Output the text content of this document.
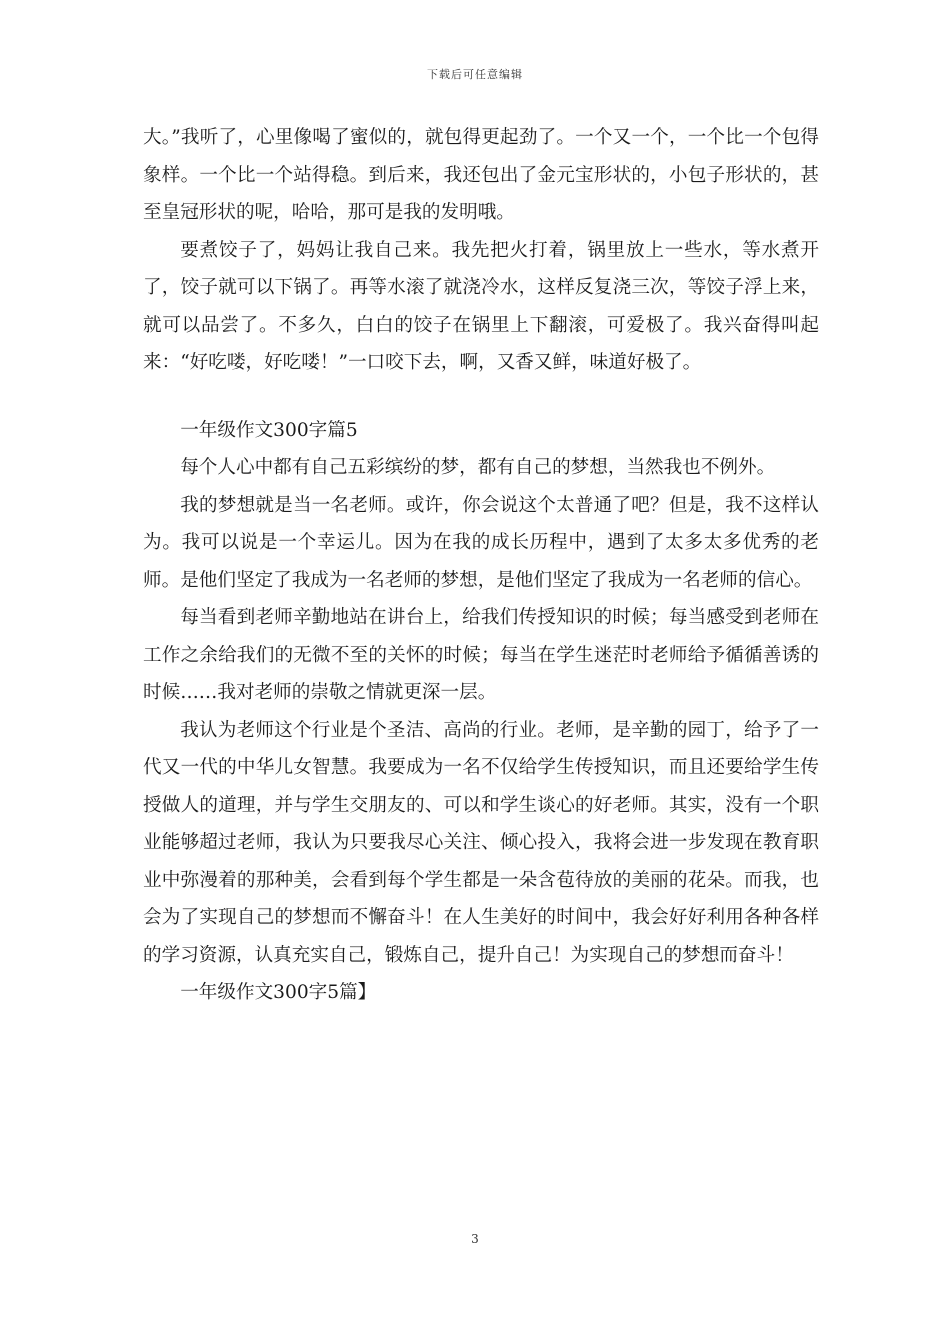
下载后可任意编辑

大。”我听了，心里像喝了蜜似的，就包得更起劲了。一个又一个，一个比一个包得象样。一个比一个站得稳。到后来，我还包出了金元宝形状的，小包子形状的，甚至皇冠形状的呢，哈哈，那可是我的发明哦。

要煮饺子了，妈妈让我自己来。我先把火打着，锅里放上一些水，等水煮开了，饺子就可以下锅了。再等水滚了就浇冷水，这样反复浇三次，等饺子浮上来，就可以品尝了。不多久，白白的饺子在锅里上下翻滚，可爱极了。我兴奋得叫起来：“好吃喽，好吃喽！”一口咬下去，啊，又香又鲜，味道好极了。

一年级作文300字篇5

每个人心中都有自己五彩缤纷的梦，都有自己的梦想，当然我也不例外。

我的梦想就是当一名老师。或许，你会说这个太普通了吧？但是，我不这样认为。我可以说是一个幸运儿。因为在我的成长历程中，遇到了太多太多优秀的老师。是他们坚定了我成为一名老师的梦想，是他们坚定了我成为一名老师的信心。

每当看到老师辛勤地站在讲台上，给我们传授知识的时候；每当感受到老师在工作之余给我们的无微不至的关怀的时候；每当在学生迷茫时老师给予循循善诱的时候……我对老师的崇敬之情就更深一层。

我认为老师这个行业是个圣洁、高尚的行业。老师，是辛勤的园丁，给予了一代又一代的中华儿女智慧。我要成为一名不仅给学生传授知识，而且还要给学生传授做人的道理，并与学生交朋友的、可以和学生谈心的好老师。其实，没有一个职业能够超过老师，我认为只要我尽心关注、倾心投入，我将会进一步发现在教育职业中弥漫着的那种美，会看到每个学生都是一朵含苞待放的美丽的花朵。而我，也会为了实现自己的梦想而不懈奋斗！在人生美好的时间中，我会好好利用各种各样的学习资源，认真充实自己，锻炼自己，提升自己！为实现自己的梦想而奋斗！

一年级作文300字5篇】

3
